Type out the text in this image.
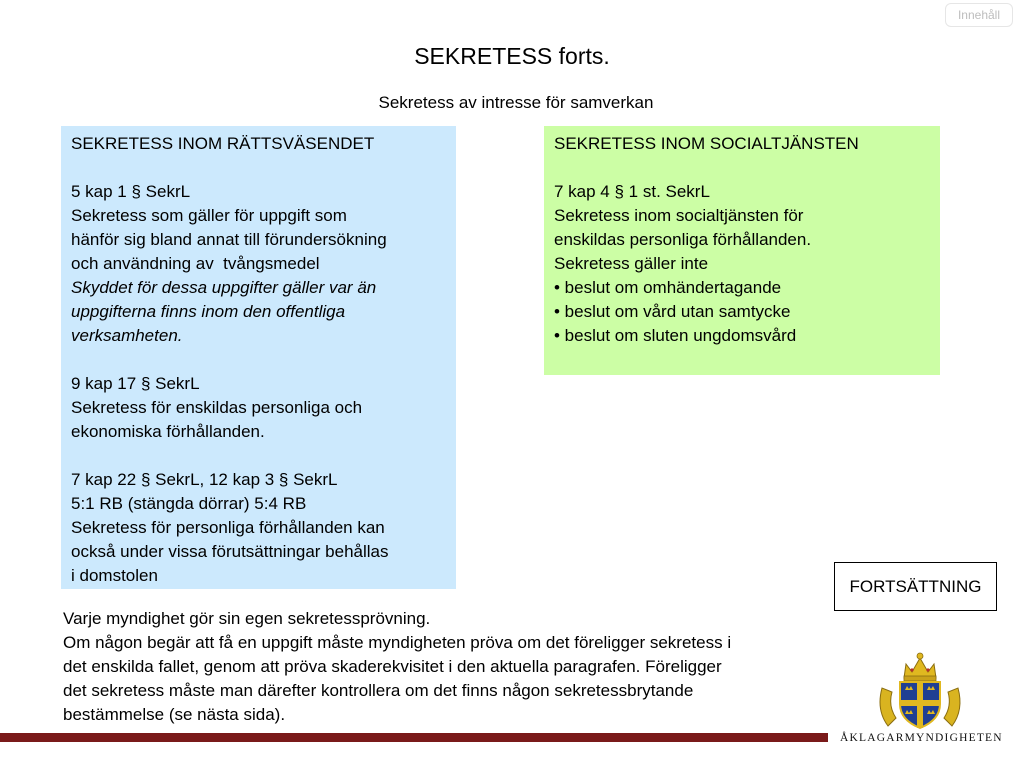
Innehåll
SEKRETESS forts.

Sekretess av intresse för samverkan

SEKRETESS INOM RÄTTSVÄSENDET
5 kap 1 § SekrL
Sekretess som gäller för uppgift som
hänför sig bland annat till förundersökning
och användning av  tvångsmedel
Skyddet för dessa uppgifter gäller var än
uppgifterna finns inom den offentliga
verksamheten.
9 kap 17 § SekrL
Sekretess för enskildas personliga och
ekonomiska förhållanden.
7 kap 22 § SekrL, 12 kap 3 § SekrL
5:1 RB (stängda dörrar) 5:4 RB
Sekretess för personliga förhållanden kan
också under vissa förutsättningar behållas
i domstolen
SEKRETESS INOM SOCIALTJÄNSTEN
7 kap 4 § 1 st. SekrL
Sekretess inom socialtjänsten för
enskildas personliga förhållanden.
Sekretess gäller inte
• beslut om omhändertagande
• beslut om vård utan samtycke
• beslut om sluten ungdomsvård
FORTSÄTTNING
Varje myndighet gör sin egen sekretessprövning.
Om någon begär att få en uppgift måste myndigheten pröva om det föreligger sekretess i
det enskilda fallet, genom att pröva skaderekvisitet i den aktuella paragrafen. Föreligger
det sekretess måste man därefter kontrollera om det finns någon sekretessbrytande
bestämmelse (se nästa sida).
ÅKLAGARMYNDIGHETEN
